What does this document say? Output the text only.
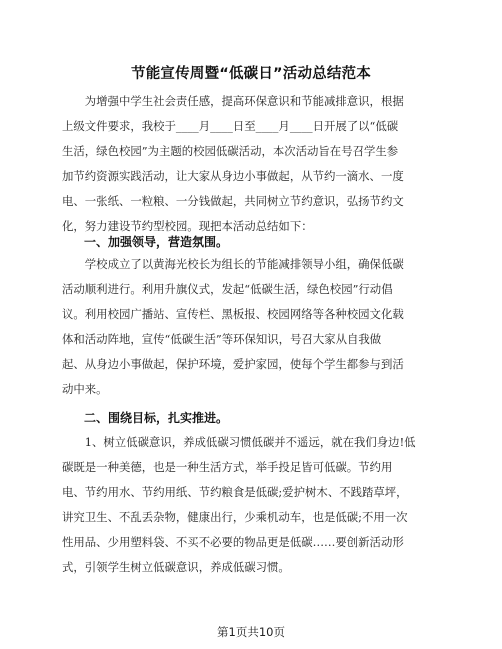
节能宣传周暨“低碳日”活动总结范本
　　为增强中学生社会责任感，提高环保意识和节能减排意识，根据
上级文件要求，我校于____月____日至____月____日开展了以“低碳
生活，绿色校园”为主题的校园低碳活动，本次活动旨在号召学生参
加节约资源实践活动，让大家从身边小事做起，从节约一滴水、一度
电、一张纸、一粒粮、一分钱做起，共同树立节约意识，弘扬节约文
化，努力建设节约型校园。现把本活动总结如下：
一、加强领导，营造氛围。
　　学校成立了以黄海光校长为组长的节能减排领导小组，确保低碳
活动顺利进行。利用升旗仪式，发起“低碳生活，绿色校园”行动倡
议。利用校园广播站、宣传栏、黑板报、校园网络等各种校园文化载
体和活动阵地，宣传“低碳生活”等环保知识，号召大家从自我做
起、从身边小事做起，保护环境，爱护家园，使每个学生都参与到活
动中来。
二、围绕目标，扎实推进。
　　1、树立低碳意识，养成低碳习惯低碳并不遥远，就在我们身边!低
碳既是一种美德，也是一种生活方式，举手投足皆可低碳。节约用
电、节约用水、节约用纸、节约粮食是低碳;爱护树木、不践踏草坪，
讲究卫生、不乱丢杂物，健康出行，少乘机动车，也是低碳;不用一次
性用品、少用塑料袋、不买不必要的物品更是低碳……要创新活动形
式，引领学生树立低碳意识，养成低碳习惯。
第1页共10页
